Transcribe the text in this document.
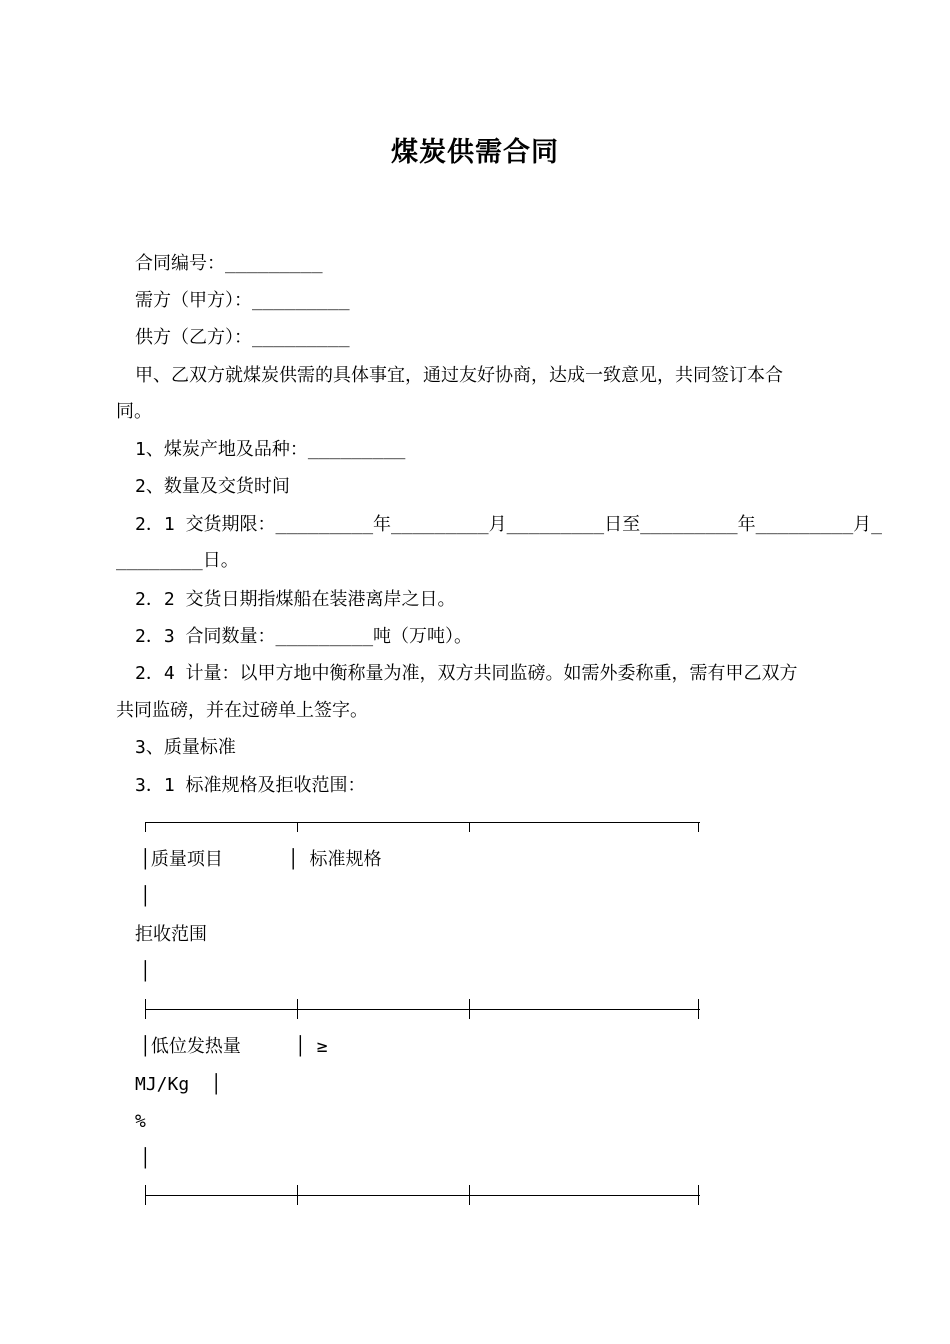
煤炭供需合同
合同编号：_________
需方（甲方）：_________
供方（乙方）：_________
甲、乙双方就煤炭供需的具体事宜，通过友好协商，达成一致意见，共同签订本合
同。
1、煤炭产地及品种：_________
2、数量及交货时间
2．1 交货期限：_________年_________月_________日至_________年_________月_
________日。
2．2 交货日期指煤船在装港离岸之日。
2．3 合同数量：_________吨（万吨）。
2．4 计量：以甲方地中衡称量为准，双方共同监磅。如需外委称重，需有甲乙双方
共同监磅，并在过磅单上签字。
3、质量标准
3．1 标准规格及拒收范围：
│质量项目      │ 标准规格
│
拒收范围
│
│低位发热量     │ ≥
MJ/Kg  │
%
│
